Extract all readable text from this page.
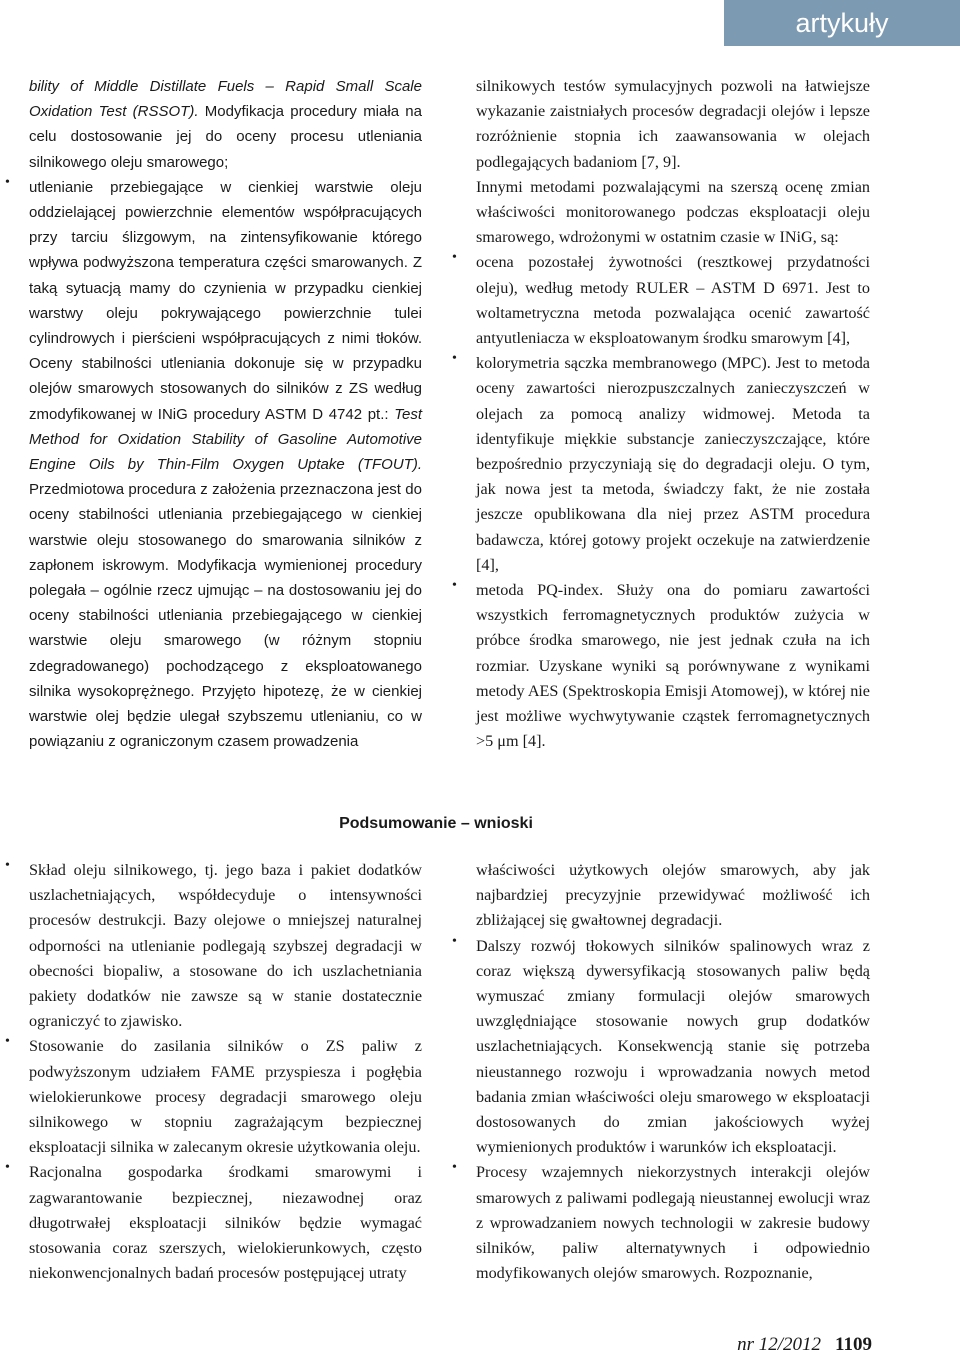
artykuły

bility of Middle Distillate Fuels – Rapid Small Scale Oxidation Test (RSSOT). Modyfikacja procedury miała na celu dostosowanie jej do oceny procesu utleniania silnikowego oleju smarowego;

• utlenianie przebiegające w cienkiej warstwie oleju oddzielającej powierzchnie elementów współpracujących przy tarciu ślizgowym, na zintensyfikowanie którego wpływa podwyższona temperatura części smarowanych. Z taką sytuacją mamy do czynienia w przypadku cienkiej warstwy oleju pokrywającego powierzchnie tulei cylindrowych i pierścieni współpracujących z nimi tłoków. Oceny stabilności utleniania dokonuje się w przypadku olejów smarowych stosowanych do silników z ZS według zmodyfikowanej w INiG procedury ASTM D 4742 pt.: Test Method for Oxidation Stability of Gasoline Automotive Engine Oils by Thin-Film Oxygen Uptake (TFOUT). Przedmiotowa procedura z założenia przeznaczona jest do oceny stabilności utleniania przebiegającego w cienkiej warstwie oleju stosowanego do smarowania silników z zapłonem iskrowym. Modyfikacja wymienionej procedury polegała – ogólnie rzecz ujmując – na dostosowaniu jej do oceny stabilności utleniania przebiegającego w cienkiej warstwie oleju smarowego (w różnym stopniu zdegradowanego) pochodzącego z eksploatowanego silnika wysokoprężnego. Przyjęto hipotezę, że w cienkiej warstwie olej będzie ulegał szybszemu utlenianiu, co w powiązaniu z ograniczonym czasem prowadzenia

silnikowych testów symulacyjnych pozwoli na łatwiejsze wykazanie zaistniałych procesów degradacji olejów i lepsze rozróżnienie stopnia ich zaawansowania w olejach podlegających badaniom [7, 9].

Innymi metodami pozwalającymi na szerszą ocenę zmian właściwości monitorowanego podczas eksploatacji oleju smarowego, wdrożonymi w ostatnim czasie w INiG, są:

• ocena pozostałej żywotności (resztkowej przydatności oleju), według metody RULER – ASTM D 6971. Jest to woltametryczna metoda pozwalająca ocenić zawartość antyutleniacza w eksploatowanym środku smarowym [4],

• kolorymetria sączka membranowego (MPC). Jest to metoda oceny zawartości nierozpuszczalnych zanieczyszczeń w olejach za pomocą analizy widmowej. Metoda ta identyfikuje miękkie substancje zanieczyszczające, które bezpośrednio przyczyniają się do degradacji oleju. O tym, jak nowa jest ta metoda, świadczy fakt, że nie została jeszcze opublikowana dla niej przez ASTM procedura badawcza, której gotowy projekt oczekuje na zatwierdzenie [4],

• metoda PQ-index. Służy ona do pomiaru zawartości wszystkich ferromagnetycznych produktów zużycia w próbce środka smarowego, nie jest jednak czuła na ich rozmiar. Uzyskane wyniki są porównywane z wynikami metody AES (Spektroskopia Emisji Atomowej), w której nie jest możliwe wychwytywanie cząstek ferromagnetycznych >5 μm [4].

Podsumowanie – wnioski
• Skład oleju silnikowego, tj. jego baza i pakiet dodatków uszlachetniających, współdecyduje o intensywności procesów destrukcji. Bazy olejowe o mniejszej naturalnej odporności na utlenianie podlegają szybszej degradacji w obecności biopaliw, a stosowane do ich uszlachetniania pakiety dodatków nie zawsze są w stanie dostatecznie ograniczyć to zjawisko.

• Stosowanie do zasilania silników o ZS paliw z podwyższonym udziałem FAME przyspiesza i pogłębia wielokierunkowe procesy degradacji smarowego oleju silnikowego w stopniu zagrażającym bezpiecznej eksploatacji silnika w zalecanym okresie użytkowania oleju.

• Racjonalna gospodarka środkami smarowymi i zagwarantowanie bezpiecznej, niezawodnej oraz długotrwałej eksploatacji silników będzie wymagać stosowania coraz szerszych, wielokierunkowych, często niekonwencjonalnych badań procesów postępującej utraty

właściwości użytkowych olejów smarowych, aby jak najbardziej precyzyjnie przewidywać możliwość ich zbliżającej się gwałtownej degradacji.

• Dalszy rozwój tłokowych silników spalinowych wraz z coraz większą dywersyfikacją stosowanych paliw będą wymuszać zmiany formulacji olejów smarowych uwzględniające stosowanie nowych grup dodatków uszlachetniających. Konsekwencją stanie się potrzeba nieustannego rozwoju i wprowadzania nowych metod badania zmian właściwości oleju smarowego w eksploatacji dostosowanych do zmian jakościowych wyżej wymienionych produktów i warunków ich eksploatacji.

• Procesy wzajemnych niekorzystnych interakcji olejów smarowych z paliwami podlegają nieustannej ewolucji wraz z wprowadzaniem nowych technologii w zakresie budowy silników, paliw alternatywnych i odpowiednio modyfikowanych olejów smarowych. Rozpoznanie,

nr 12/2012 1109
